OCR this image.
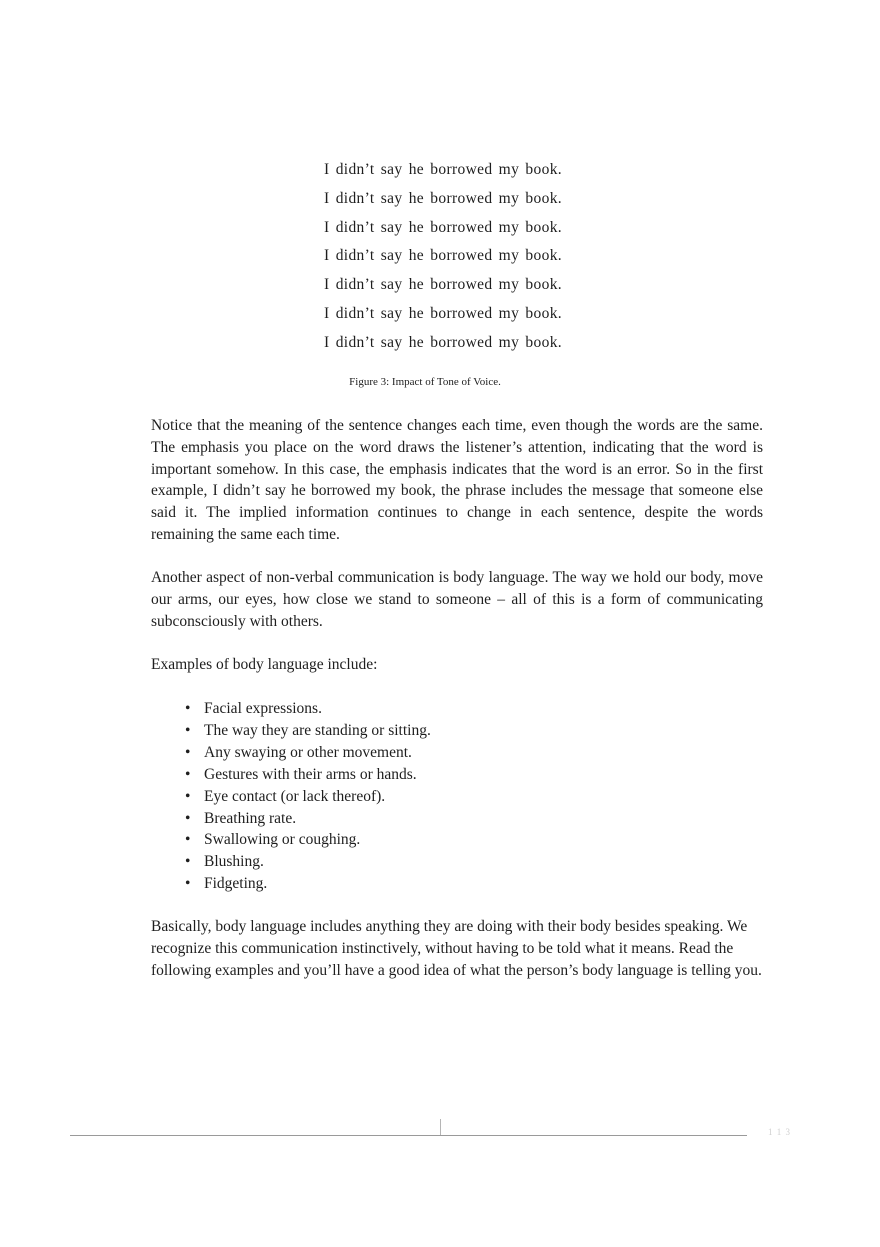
I didn’t say he borrowed my book.
I didn’t say he borrowed my book.
I didn’t say he borrowed my book.
I didn’t say he borrowed my book.
I didn’t say he borrowed my book.
I didn’t say he borrowed my book.
I didn’t say he borrowed my book.
Figure 3: Impact of Tone of Voice.

Notice that the meaning of the sentence changes each time, even though the words are the same. The emphasis you place on the word draws the listener’s attention, indicating that the word is important somehow. In this case, the emphasis indicates that the word is an error. So in the first example, I didn’t say he borrowed my book, the phrase includes the message that someone else said it. The implied information continues to change in each sentence, despite the words remaining the same each time.

Another aspect of non-verbal communication is body language. The way we hold our body, move our arms, our eyes, how close we stand to someone – all of this is a form of communicating subconsciously with others.

Examples of body language include:

• Facial expressions.
• The way they are standing or sitting.
• Any swaying or other movement.
• Gestures with their arms or hands.
• Eye contact (or lack thereof).
• Breathing rate.
• Swallowing or coughing.
• Blushing.
• Fidgeting.

Basically, body language includes anything they are doing with their body besides speaking. We recognize this communication instinctively, without having to be told what it means. Read the following examples and you’ll have a good idea of what the person’s body language is telling you.

1 1 3
